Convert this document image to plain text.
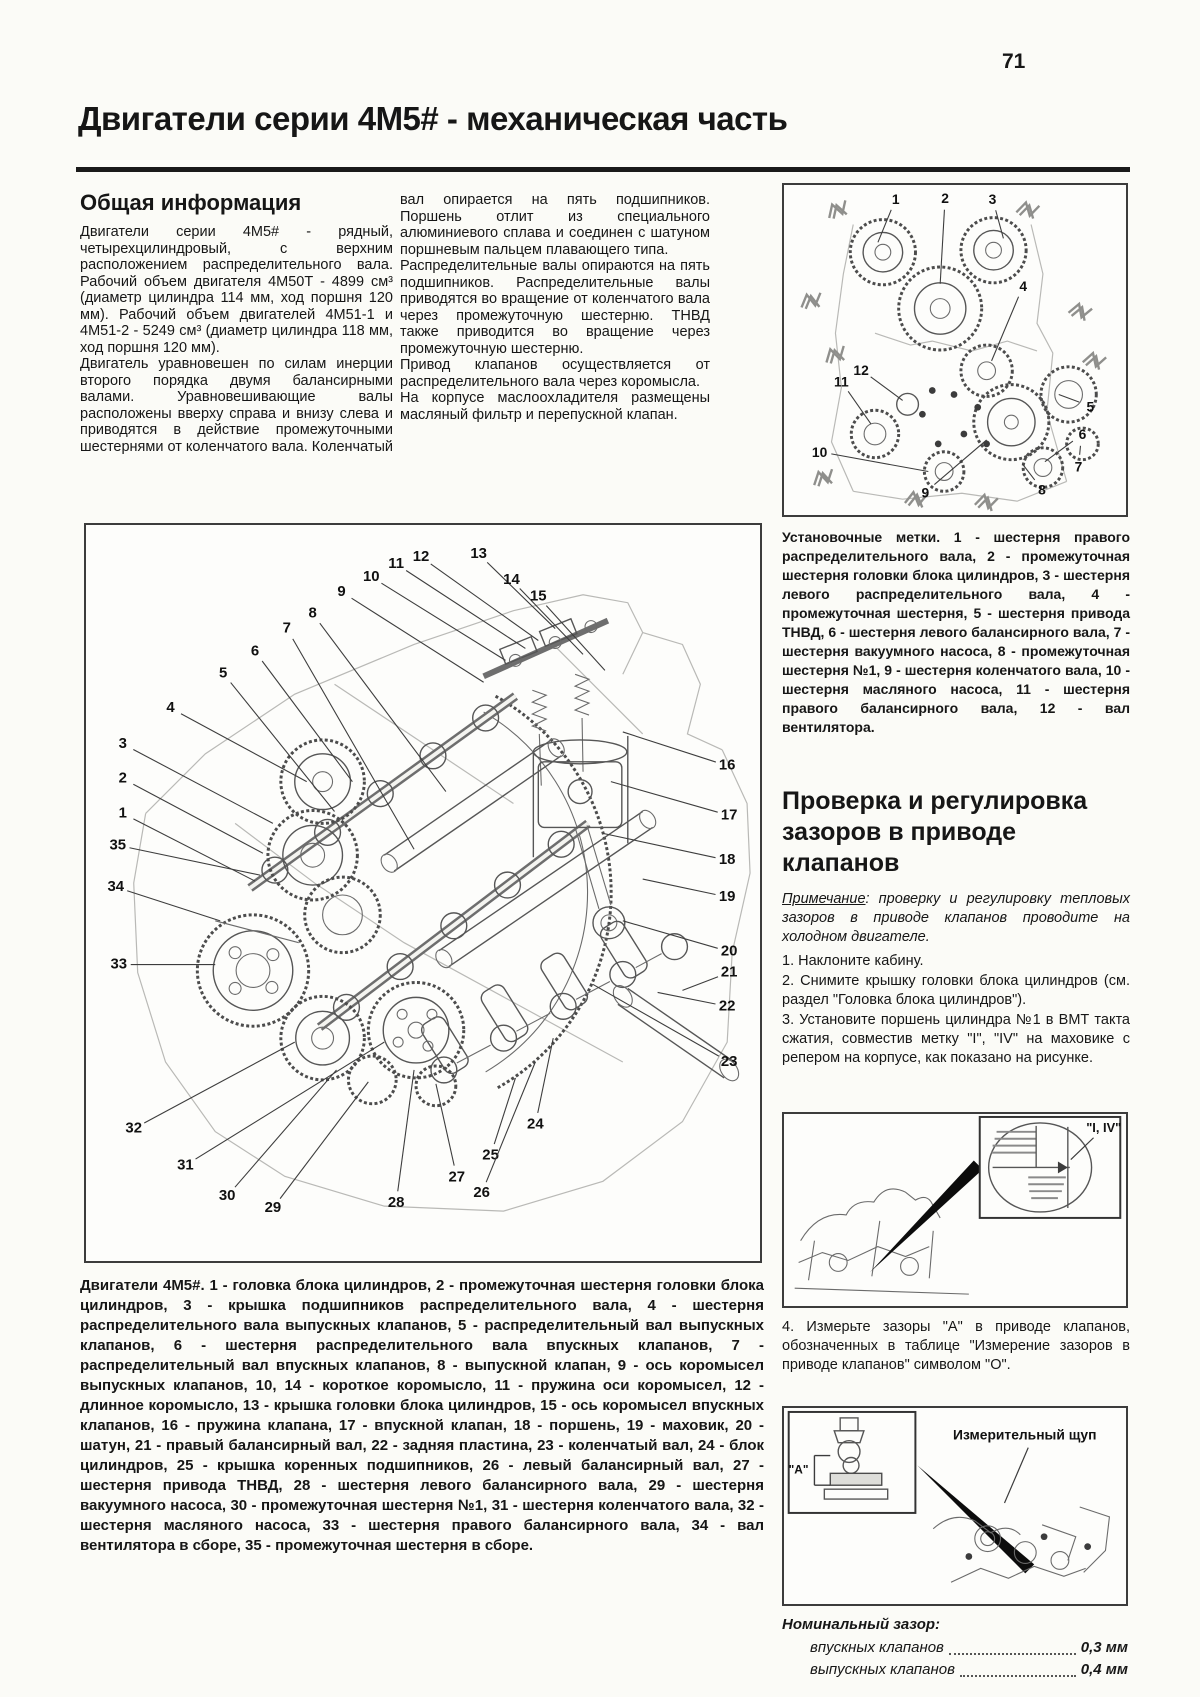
71
Двигатели серии 4М5# - механическая часть
Общая информация

Двигатели серии 4М5# - рядный, четырехцилиндровый, с верхним расположением распределительного вала. Рабочий объем двигателя 4М50Т - 4899 см³ (диаметр цилиндра 114 мм, ход поршня 120 мм). Рабочий объем двигателей 4М51-1 и 4М51-2 - 5249 см³ (диаметр цилиндра 118 мм, ход поршня 120 мм).

Двигатель уравновешен по силам инерции второго порядка двумя балансирными валами. Уравновешивающие валы расположены вверху справа и внизу слева и приводятся в действие промежуточными шестернями от коленчатого вала. Коленчатый

вал опирается на пять подшипников. Поршень отлит из специального алюминиевого сплава и соединен с шатуном поршневым пальцем плавающего типа.

Распределительные валы опираются на пять подшипников. Распределительные валы приводятся во вращение от коленчатого вала через промежуточную шестерню. ТНВД также приводится во вращение через промежуточную шестерню.

Привод клапанов осуществляется от распределительного вала через коромысла.

На корпусе маслоохладителя размещены масляный фильтр и перепускной клапан.

1	2	3
4
5
6
7
8
9
10
11
12

Установочные метки. 1 - шестерня правого распределительного вала, 2 - промежуточная шестерня головки блока цилиндров, 3 - шестерня левого распределительного вала, 4 - промежуточная шестерня, 5 - шестерня привода ТНВД, 6 - шестерня левого балансирного вала, 7 - шестерня вакуумного насоса, 8 - промежуточная шестерня №1, 9 - шестерня коленчатого вала, 10 - шестерня масляного насоса, 11 - шестерня правого балансирного вала, 12 - вал вентилятора.

Проверка и регулировка зазоров в приводе клапанов

Примечание: проверку и регулировку тепловых зазоров в приводе клапанов проводите на холодном двигателе.

1. Наклоните кабину.

2. Снимите крышку головки блока цилиндров (см. раздел "Головка блока цилиндров").

3. Установите поршень цилиндра №1 в ВМТ такта сжатия, совместив метку "I", "IV" на маховике с репером на корпусе, как показано на рисунке.

"I, IV"

4. Измерьте зазоры "А" в приводе клапанов, обозначенных в таблице "Измерение зазоров в приводе клапанов" символом "О".

"А"
Измерительный щуп

Номинальный зазор:

впускных клапанов	0,3 мм
выпускных клапанов	0,4 мм
1
2
3
4
5
6
7
8
9
10
11 12	13
14
15
16
17
18
19
20
21
22
23
24
25
26
27
28
29
30
31
32
33
34
35

Двигатели 4М5#. 1 - головка блока цилиндров, 2 - промежуточная шестерня головки блока цилиндров, 3 - крышка подшипников распределительного вала, 4 - шестерня распределительного вала выпускных клапанов, 5 - распределительный вал выпускных клапанов, 6 - шестерня распределительного вала впускных клапанов, 7 - распределительный вал впускных клапанов, 8 - выпускной клапан, 9 - ось коромысел выпускных клапанов, 10, 14 - короткое коромысло, 11 - пружина оси коромысел, 12 - длинное коромысло, 13 - крышка головки блока цилиндров, 15 - ось коромысел впускных клапанов, 16 - пружина клапана, 17 - впускной клапан, 18 - поршень, 19 - маховик, 20 - шатун, 21 - правый балансирный вал, 22 - задняя пластина, 23 - коленчатый вал, 24 - блок цилиндров, 25 - крышка коренных подшипников, 26 - левый балансирный вал, 27 - шестерня привода ТНВД, 28 - шестерня левого балансирного вала, 29 - шестерня вакуумного насоса, 30 - промежуточная шестерня №1, 31 - шестерня коленчатого вала, 32 - шестерня масляного насоса, 33 - шестерня правого балансирного вала, 34 - вал вентилятора в сборе, 35 - промежуточная шестерня в сборе.
